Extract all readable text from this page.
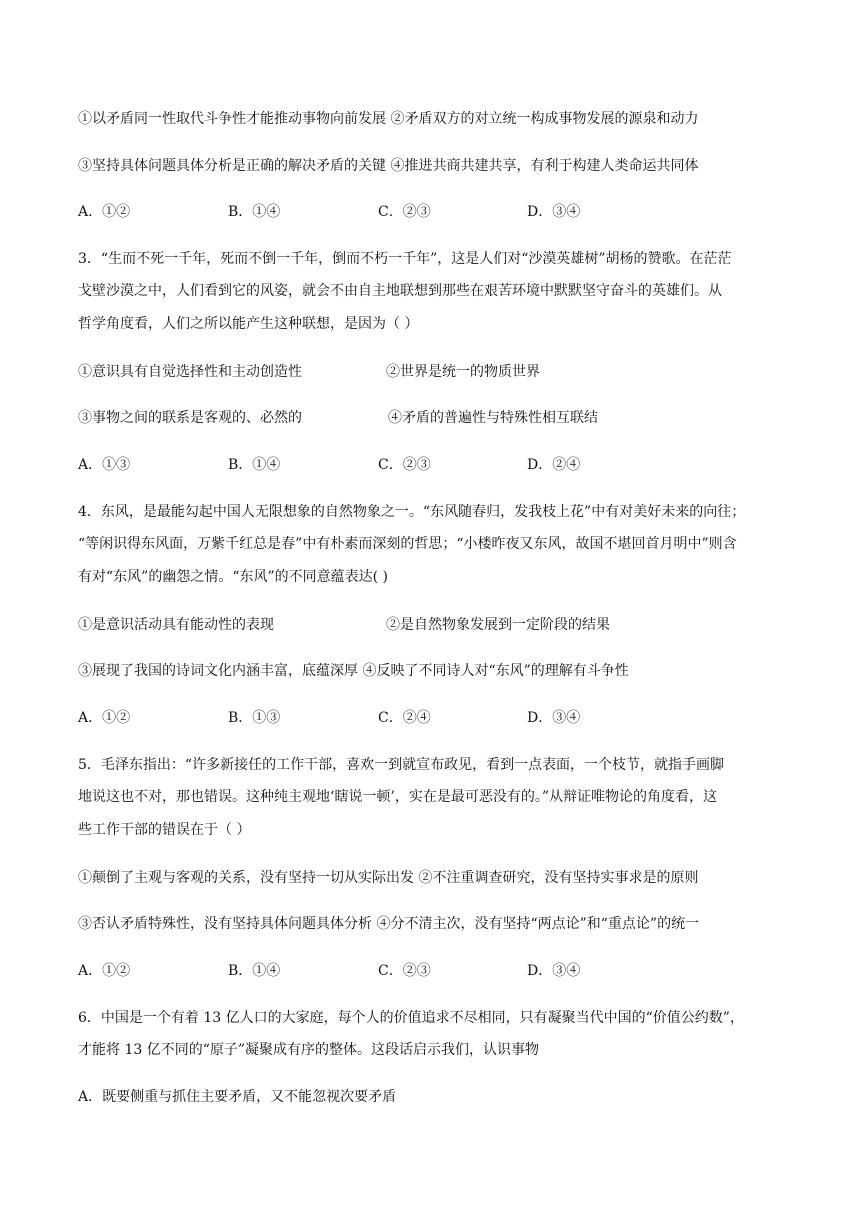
①以矛盾同一性取代斗争性才能推动事物向前发展 ②矛盾双方的对立统一构成事物发展的源泉和动力
③坚持具体问题具体分析是正确的解决矛盾的关键 ④推进共商共建共享，有利于构建人类命运共同体
A．①②	B．①④	C．②③	D．③④
3．“生而不死一千年，死而不倒一千年，倒而不朽一千年”，这是人们对“沙漠英雄树”胡杨的赞歌。在茫茫
戈壁沙漠之中，人们看到它的风姿，就会不由自主地联想到那些在艰苦环境中默默坚守奋斗的英雄们。从
哲学角度看，人们之所以能产生这种联想，是因为（ ）
①意识具有自觉选择性和主动创造性	②世界是统一的物质世界
③事物之间的联系是客观的、必然的	④矛盾的普遍性与特殊性相互联结
A．①③	B．①④	C．②③	D．②④
4．东风，是最能勾起中国人无限想象的自然物象之一。“东风随春归，发我枝上花”中有对美好未来的向往；
“等闲识得东风面，万紫千红总是春”中有朴素而深刻的哲思；“小楼昨夜又东风，故国不堪回首月明中”则含
有对“东风”的幽怨之情。“东风”的不同意蕴表达( )
①是意识活动具有能动性的表现	②是自然物象发展到一定阶段的结果
③展现了我国的诗词文化内涵丰富，底蕴深厚 ④反映了不同诗人对“东风”的理解有斗争性
A．①②	B．①③	C．②④	D．③④
5．毛泽东指出：“许多新接任的工作干部，喜欢一到就宣布政见，看到一点表面，一个枝节，就指手画脚
地说这也不对，那也错误。这种纯主观地‘瞎说一顿’，实在是最可恶没有的。”从辩证唯物论的角度看，这
些工作干部的错误在于（ ）
①颠倒了主观与客观的关系，没有坚持一切从实际出发 ②不注重调查研究，没有坚持实事求是的原则
③否认矛盾特殊性，没有坚持具体问题具体分析 ④分不清主次，没有坚持“两点论”和“重点论”的统一
A．①②	B．①④	C．②③	D．③④
6．中国是一个有着 13 亿人口的大家庭，每个人的价值追求不尽相同，只有凝聚当代中国的“价值公约数”，
才能将 13 亿不同的“原子”凝聚成有序的整体。这段话启示我们，认识事物
A．既要侧重与抓住主要矛盾，又不能忽视次要矛盾
